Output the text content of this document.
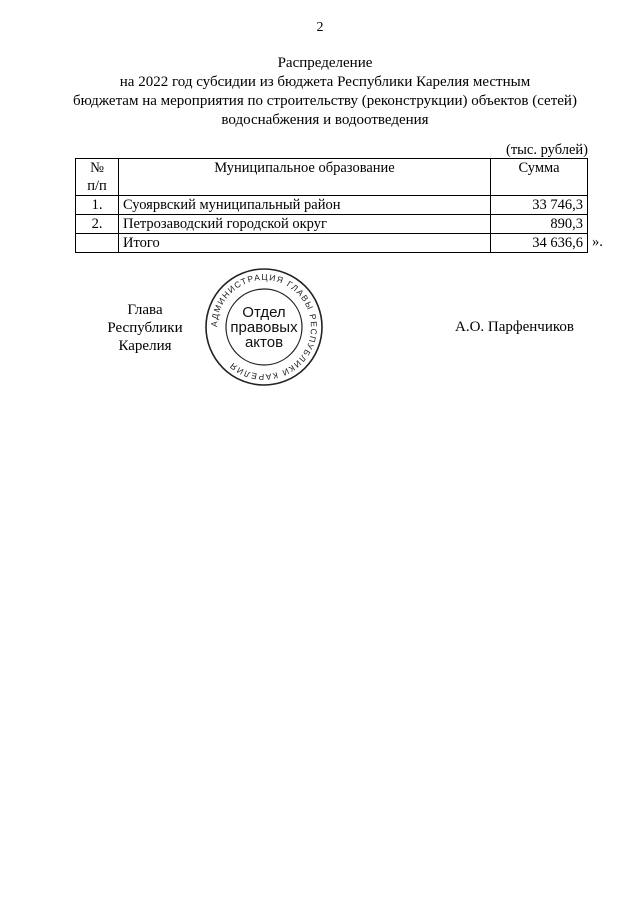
2
Распределение
на 2022 год субсидии из бюджета Республики Карелия местным
бюджетам на мероприятия по строительству (реконструкции) объектов (сетей)
водоснабжения и водоотведения
(тыс. рублей)
№
п/п	Муниципальное образование	Сумма
1.	Суоярвский муниципальный район	33 746,3
2.	Петрозаводский городской округ	890,3
	Итого	34 636,6 ».
Глава
Республики Карелия
А.О. Парфенчиков
АДМИНИСТРАЦИЯ ГЛАВЫ РЕСПУБЛИКИ КАРЕЛИЯ
Отдел
правовых
актов
